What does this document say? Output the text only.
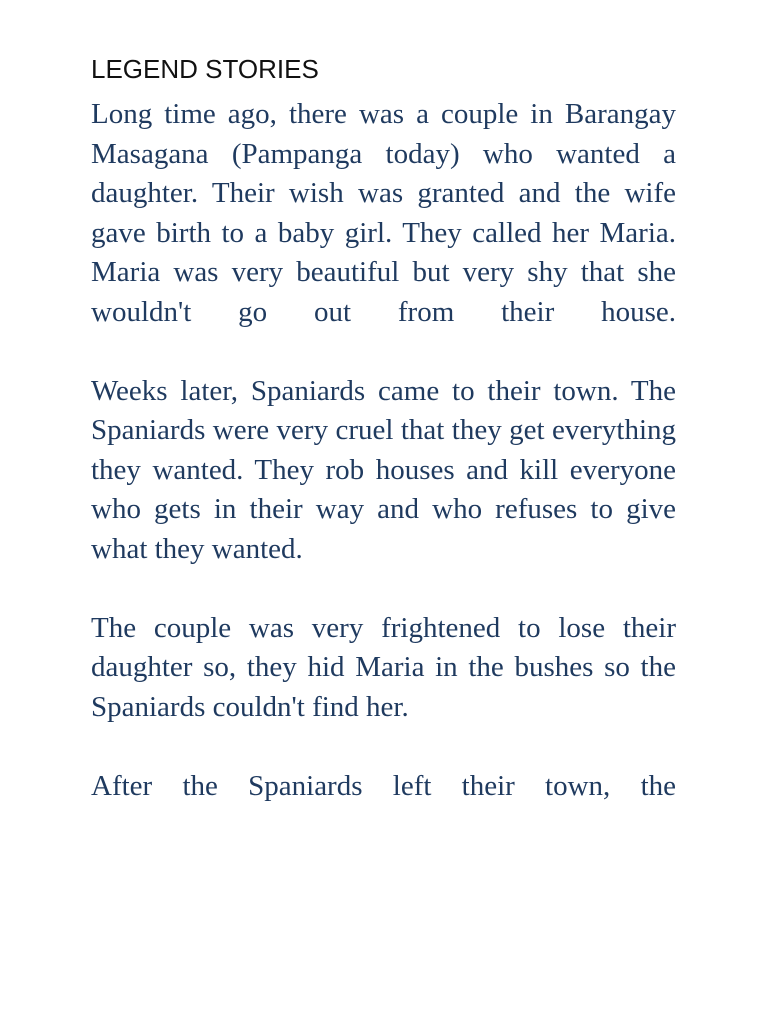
LEGEND STORIES

Long time ago, there was a couple in Barangay Masagana (Pampanga today) who wanted a daughter. Their wish was granted and the wife gave birth to a baby girl. They called her Maria. Maria was very beautiful but very shy that she wouldn't go out from their house.

Weeks later, Spaniards came to their town. The Spaniards were very cruel that they get everything they wanted. They rob houses and kill everyone who gets in their way and who refuses to give what they wanted.

The couple was very frightened to lose their daughter so, they hid Maria in the bushes so the Spaniards couldn't find her.

After the Spaniards left their town, the
